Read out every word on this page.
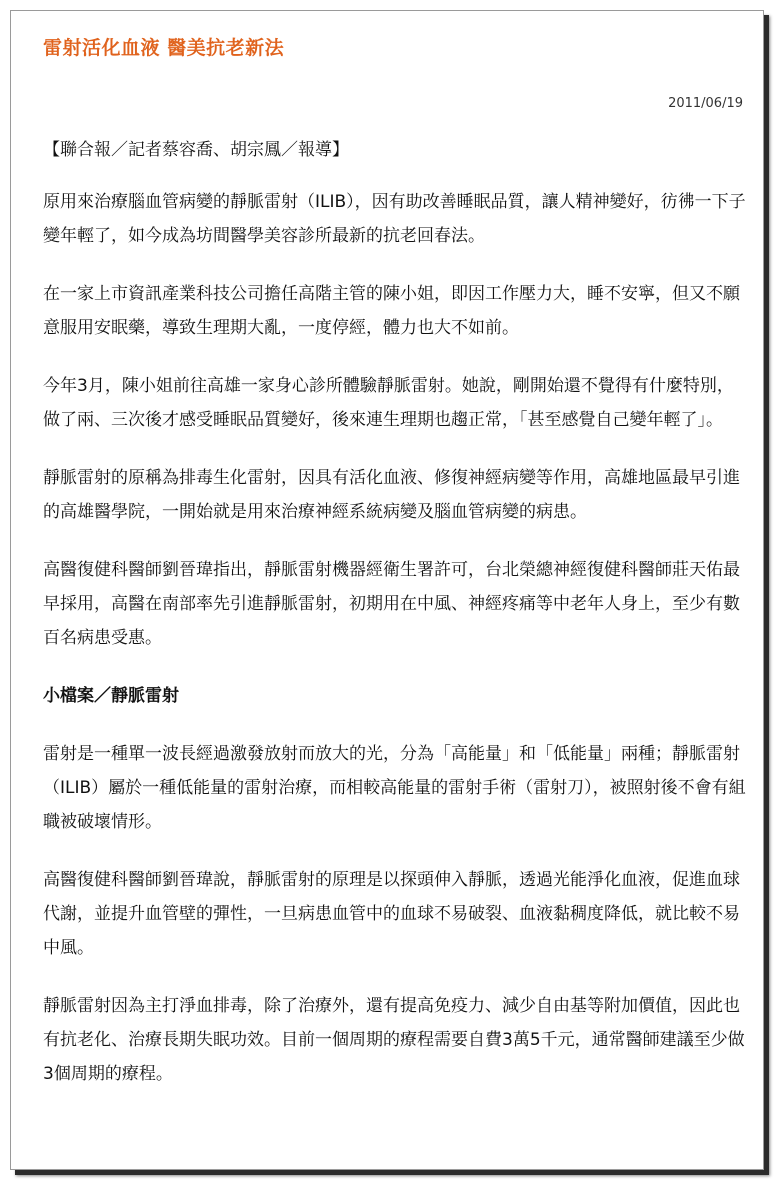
雷射活化血液 醫美抗老新法
2011/06/19

【聯合報／記者蔡容喬、胡宗鳳／報導】

原用來治療腦血管病變的靜脈雷射（ILIB），因有助改善睡眠品質，讓人精神變好，彷彿一下子變年輕了，如今成為坊間醫學美容診所最新的抗老回春法。

在一家上市資訊產業科技公司擔任高階主管的陳小姐，即因工作壓力大，睡不安寧，但又不願意服用安眠藥，導致生理期大亂，一度停經，體力也大不如前。

今年3月，陳小姐前往高雄一家身心診所體驗靜脈雷射。她說，剛開始還不覺得有什麼特別，做了兩、三次後才感受睡眠品質變好，後來連生理期也趨正常，「甚至感覺自己變年輕了」。

靜脈雷射的原稱為排毒生化雷射，因具有活化血液、修復神經病變等作用，高雄地區最早引進的高雄醫學院，一開始就是用來治療神經系統病變及腦血管病變的病患。

高醫復健科醫師劉晉瑋指出，靜脈雷射機器經衛生署許可，台北榮總神經復健科醫師莊天佑最早採用，高醫在南部率先引進靜脈雷射，初期用在中風、神經疼痛等中老年人身上，至少有數百名病患受惠。

小檔案／靜脈雷射

雷射是一種單一波長經過激發放射而放大的光，分為「高能量」和「低能量」兩種；靜脈雷射（ILIB）屬於一種低能量的雷射治療，而相較高能量的雷射手術（雷射刀），被照射後不會有組職被破壞情形。

高醫復健科醫師劉晉瑋說，靜脈雷射的原理是以探頭伸入靜脈，透過光能淨化血液，促進血球代謝，並提升血管壁的彈性，一旦病患血管中的血球不易破裂、血液黏稠度降低，就比較不易中風。

靜脈雷射因為主打淨血排毒，除了治療外，還有提高免疫力、減少自由基等附加價值，因此也有抗老化、治療長期失眠功效。目前一個周期的療程需要自費3萬5千元，通常醫師建議至少做3個周期的療程。
